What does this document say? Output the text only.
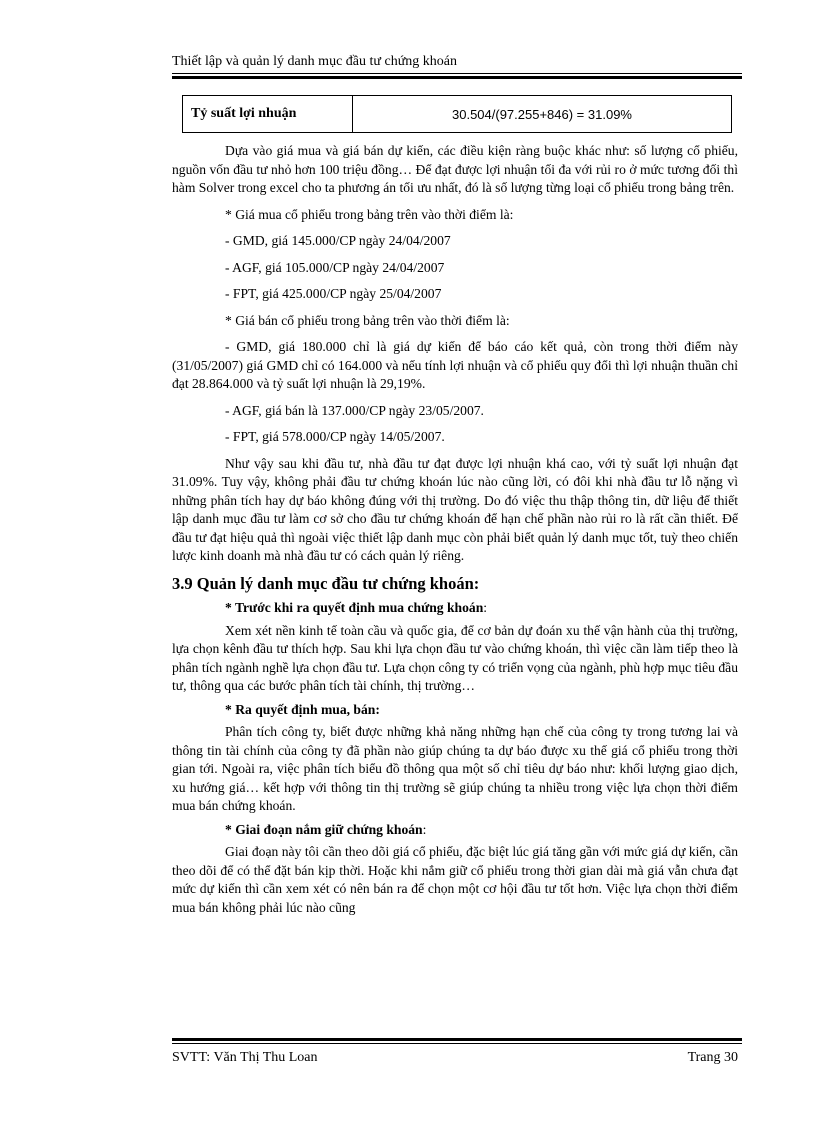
Thiết lập và quản lý danh mục đầu tư chứng khoán
Tỷ suất lợi nhuận	30.504/(97.255+846) = 31.09%

Dựa vào giá mua và giá bán dự kiến, các điều kiện ràng buộc khác như: số lượng cổ phiếu, nguồn vốn đầu tư nhỏ hơn 100 triệu đồng… Để đạt được lợi nhuận tối đa với rủi ro ở mức tương đối thì hàm Solver trong excel cho ta phương án tối ưu nhất, đó là số lượng từng loại cổ phiếu trong bảng trên.

* Giá mua cổ phiếu trong bảng trên vào thời điểm là:

- GMD, giá 145.000/CP ngày 24/04/2007

- AGF, giá 105.000/CP ngày 24/04/2007

- FPT, giá 425.000/CP ngày 25/04/2007

* Giá bán cổ phiếu trong bảng trên vào thời điểm là:

- GMD, giá 180.000 chỉ là giá dự kiến để báo cáo kết quả, còn trong thời điểm này (31/05/2007) giá GMD chỉ có 164.000 và nếu tính lợi nhuận và cổ phiếu quy đổi thì lợi nhuận thuần chỉ đạt 28.864.000 và tỷ suất lợi nhuận là 29,19%.

- AGF, giá bán là 137.000/CP ngày 23/05/2007.

- FPT, giá 578.000/CP ngày 14/05/2007.

Như vậy sau khi đầu tư, nhà đầu tư đạt được lợi nhuận khá cao, với tỷ suất lợi nhuận đạt 31.09%. Tuy vậy, không phải đầu tư chứng khoán lúc nào cũng lời, có đôi khi nhà đầu tư lỗ nặng vì những phân tích hay dự báo không đúng với thị trường. Do đó việc thu thập thông tin, dữ liệu để thiết lập danh mục đầu tư làm cơ sở cho đầu tư chứng khoán để hạn chế phần nào rủi ro là rất cần thiết. Để đầu tư đạt hiệu quả thì ngoài việc thiết lập danh mục còn phải biết quản lý danh mục tốt, tuỳ theo chiến lược kinh doanh mà nhà đầu tư có cách quản lý riêng.

3.9 Quản lý danh mục đầu tư chứng khoán:

* Trước khi ra quyết định mua chứng khoán:

Xem xét nền kinh tế toàn cầu và quốc gia, để cơ bản dự đoán xu thế vận hành của thị trường, lựa chọn kênh đầu tư thích hợp. Sau khi lựa chọn đầu tư vào chứng khoán, thì việc cần làm tiếp theo là phân tích ngành nghề lựa chọn đầu tư. Lựa chọn công ty có triển vọng của ngành, phù hợp mục tiêu đầu tư, thông qua các bước phân tích tài chính, thị trường…

* Ra quyết định mua, bán:

Phân tích công ty, biết được những khả năng những hạn chế của công ty trong tương lai và thông tin tài chính của công ty đã phần nào giúp chúng ta dự báo được xu thế giá cổ phiếu trong thời gian tới. Ngoài ra, việc phân tích biểu đồ thông qua một số chỉ tiêu dự báo như: khối lượng giao dịch, xu hướng giá… kết hợp với thông tin thị trường sẽ giúp chúng ta nhiều trong việc lựa chọn thời điểm mua bán chứng khoán.

* Giai đoạn nắm giữ chứng khoán:

Giai đoạn này tôi cần theo dõi giá cổ phiếu, đặc biệt lúc giá tăng gần với mức giá dự kiến, cần theo dõi để có thể đặt bán kịp thời. Hoặc khi nắm giữ cổ phiếu trong thời gian dài mà giá vẫn chưa đạt mức dự kiến thì cần xem xét có nên bán ra để chọn một cơ hội đầu tư tốt hơn. Việc lựa chọn thời điểm mua bán không phải lúc nào cũng

SVTT: Văn Thị Thu Loan	Trang 30
